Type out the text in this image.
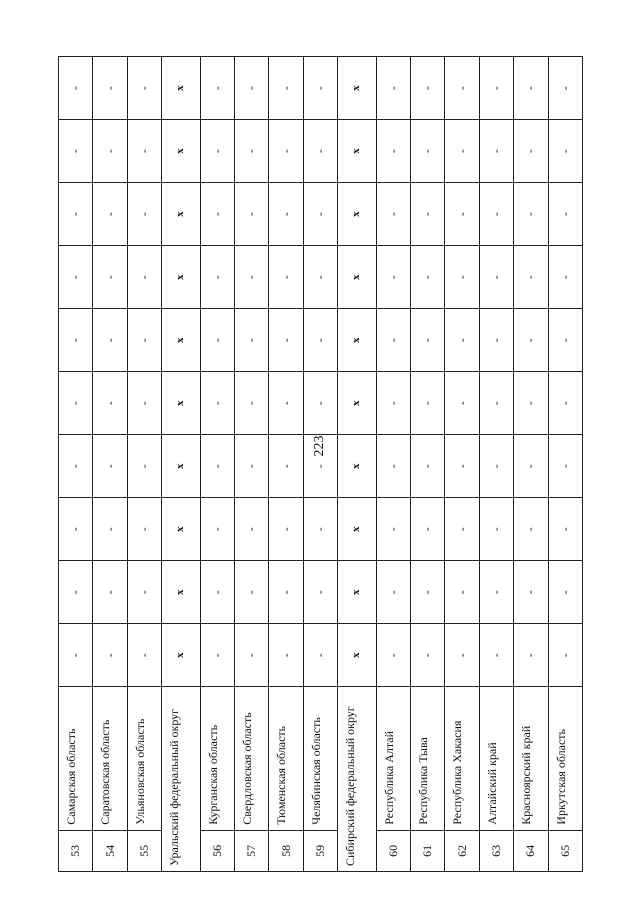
223
53	Самарская область	-	-	-	-	-	-	-	-	-	-
54	Саратовская область	-	-	-	-	-	-	-	-	-	-
55	Ульяновская область	-	-	-	-	-	-	-	-	-	-
Уральский федеральный округ		x	x	x	x	x	x	x	x	x	x
56	Курганская область	-	-	-	-	-	-	-	-	-	-
57	Свердловская область	-	-	-	-	-	-	-	-	-	-
58	Тюменская область	-	-	-	-	-	-	-	-	-	-
59	Челябинская область	-	-	-	-	-	-	-	-	-	-
Сибирский федеральный округ		x	x	x	x	x	x	x	x	x	x
60	Республика Алтай	-	-	-	-	-	-	-	-	-	-
61	Республика Тыва	-	-	-	-	-	-	-	-	-	-
62	Республика Хакасия	-	-	-	-	-	-	-	-	-	-
63	Алтайский край	-	-	-	-	-	-	-	-	-	-
64	Красноярский край	-	-	-	-	-	-	-	-	-	-
65	Иркутская область	-	-	-	-	-	-	-	-	-	-
